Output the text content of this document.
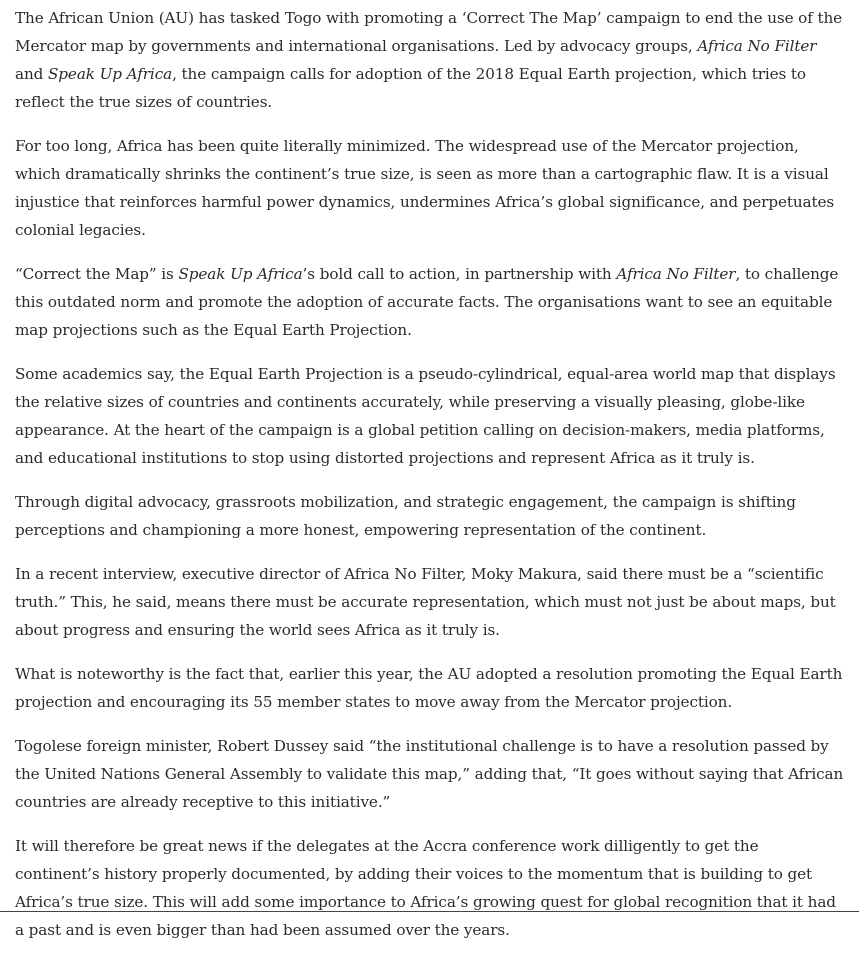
The African Union (AU) has tasked Togo with promoting a ‘Correct The Map’ campaign to end the use of the Mercator map by governments and international organisations. Led by advocacy groups, Africa No Filter and Speak Up Africa, the campaign calls for adoption of the 2018 Equal Earth projection, which tries to reflect the true sizes of countries.

For too long, Africa has been quite literally minimized. The widespread use of the Mercator projection, which dramatically shrinks the continent’s true size, is seen as more than a cartographic flaw. It is a visual injustice that reinforces harmful power dynamics, undermines Africa’s global significance, and perpetuates colonial legacies.

“Correct the Map” is Speak Up Africa’s bold call to action, in partnership with Africa No Filter, to challenge this outdated norm and promote the adoption of accurate facts. The organisations want to see an equitable map projections such as the Equal Earth Projection.

Some academics say, the Equal Earth Projection is a pseudo-cylindrical, equal-area world map that displays the relative sizes of countries and continents accurately, while preserving a visually pleasing, globe-like appearance. At the heart of the campaign is a global petition calling on decision-makers, media platforms, and educational institutions to stop using distorted projections and represent Africa as it truly is.

Through digital advocacy, grassroots mobilization, and strategic engagement, the campaign is shifting perceptions and championing a more honest, empowering representation of the continent.

In a recent interview, executive director of Africa No Filter, Moky Makura, said there must be a “scientific truth.” This, he said, means there must be accurate representation, which must not just be about maps, but about progress and ensuring the world sees Africa as it truly is.

What is noteworthy is the fact that, earlier this year, the AU adopted a resolution promoting the Equal Earth projection and encouraging its 55 member states to move away from the Mercator projection.

Togolese foreign minister, Robert Dussey said “the institutional challenge is to have a resolution passed by the United Nations General Assembly to validate this map,” adding that, “It goes without saying that African countries are already receptive to this initiative.”

It will therefore be great news if the delegates at the Accra conference work dilligently to get the continent’s history properly documented, by adding their voices to the momentum that is building to get Africa’s true size. This will add some importance to Africa’s growing quest for global recognition that it had a past and is even bigger than had been assumed over the years.
